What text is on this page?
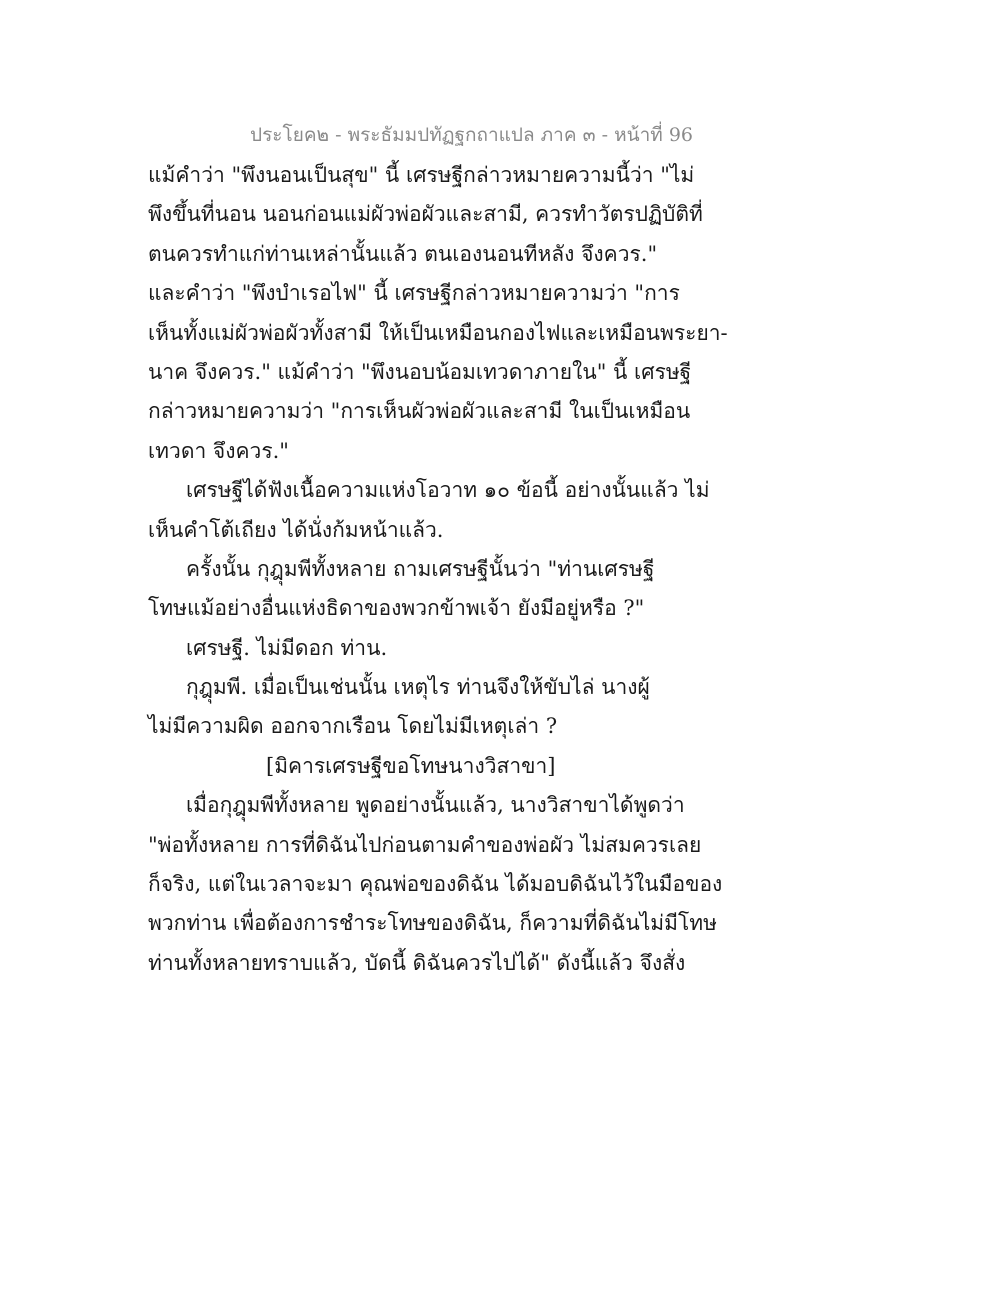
ประโยค๒ - พระธัมมปทัฏฐกถาแปล ภาค ๓ - หน้าที่ 96
แม้คำว่า "พึงนอนเป็นสุข" นี้ เศรษฐีกล่าวหมายความนี้ว่า "ไม่
พึงขึ้นที่นอน นอนก่อนแม่ผัวพ่อผัวและสามี, ควรทำวัตรปฏิบัติที่
ตนควรทำแก่ท่านเหล่านั้นแล้ว ตนเองนอนทีหลัง จึงควร."
และคำว่า "พึงบำเรอไฟ" นี้ เศรษฐีกล่าวหมายความว่า "การ
เห็นทั้งแม่ผัวพ่อผัวทั้งสามี ให้เป็นเหมือนกองไฟและเหมือนพระยา-
นาค จึงควร." แม้คำว่า "พึงนอบน้อมเทวดาภายใน" นี้ เศรษฐี
กล่าวหมายความว่า "การเห็นผัวพ่อผัวและสามี ในเป็นเหมือน
เทวดา จึงควร."
เศรษฐีได้ฟังเนื้อความแห่งโอวาท ๑๐ ข้อนี้ อย่างนั้นแล้ว ไม่
เห็นคำโต้เถียง ได้นั่งก้มหน้าแล้ว.
ครั้งนั้น กุฎุมพีทั้งหลาย ถามเศรษฐีนั้นว่า "ท่านเศรษฐี
โทษแม้อย่างอื่นแห่งธิดาของพวกข้าพเจ้า ยังมีอยู่หรือ ?"
เศรษฐี. ไม่มีดอก ท่าน.
กุฎุมพี. เมื่อเป็นเช่นนั้น เหตุไร ท่านจึงให้ขับไล่ นางผู้
ไม่มีความผิด ออกจากเรือน โดยไม่มีเหตุเล่า ?
[มิคารเศรษฐีขอโทษนางวิสาขา]
เมื่อกุฎุมพีทั้งหลาย พูดอย่างนั้นแล้ว, นางวิสาขาได้พูดว่า
"พ่อทั้งหลาย การที่ดิฉันไปก่อนตามคำของพ่อผัว ไม่สมควรเลย
ก็จริง, แต่ในเวลาจะมา คุณพ่อของดิฉัน ได้มอบดิฉันไว้ในมือของ
พวกท่าน เพื่อต้องการชำระโทษของดิฉัน, ก็ความที่ดิฉันไม่มีโทษ
ท่านทั้งหลายทราบแล้ว, บัดนี้ ดิฉันควรไปได้" ดังนี้แล้ว จึงสั่ง
